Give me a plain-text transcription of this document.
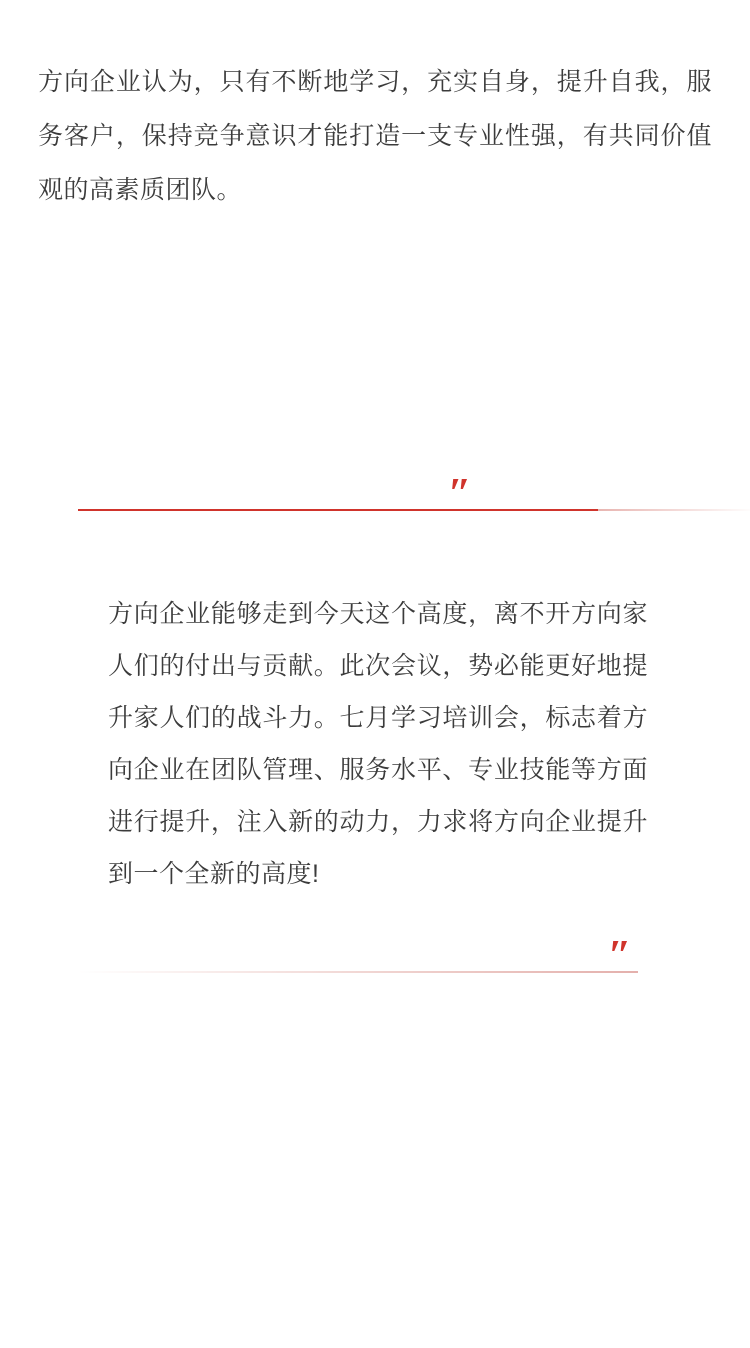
方向企业认为，只有不断地学习，充实自身，提升自我，服务客户，保持竞争意识才能打造一支专业性强，有共同价值观的高素质团队。

″

方向企业能够走到今天这个高度，离不开方向家人们的付出与贡献。此次会议，势必能更好地提升家人们的战斗力。七月学习培训会，标志着方向企业在团队管理、服务水平、专业技能等方面进行提升，注入新的动力，力求将方向企业提升到一个全新的高度!

″
